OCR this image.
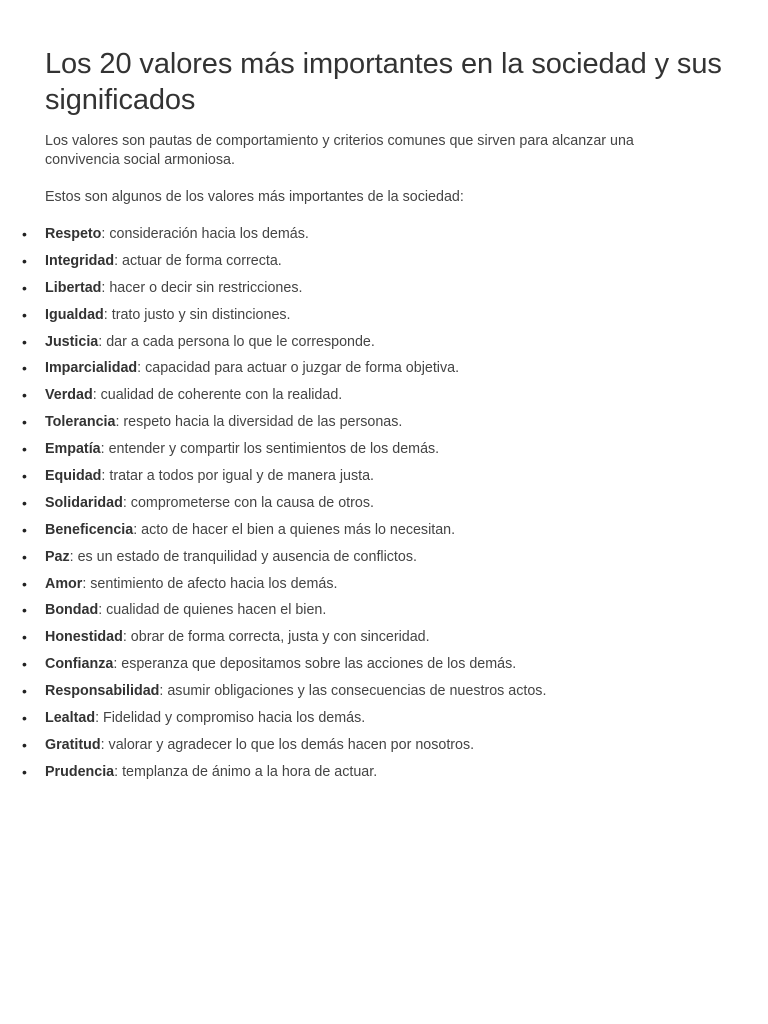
Los 20 valores más importantes en la sociedad y sus significados

Los valores son pautas de comportamiento y criterios comunes que sirven para alcanzar una convivencia social armoniosa.

Estos son algunos de los valores más importantes de la sociedad:

•	Respeto: consideración hacia los demás.
•	Integridad: actuar de forma correcta.
•	Libertad: hacer o decir sin restricciones.
•	Igualdad: trato justo y sin distinciones.
•	Justicia: dar a cada persona lo que le corresponde.
•	Imparcialidad: capacidad para actuar o juzgar de forma objetiva.
•	Verdad: cualidad de coherente con la realidad.
•	Tolerancia: respeto hacia la diversidad de las personas.
•	Empatía: entender y compartir los sentimientos de los demás.
•	Equidad: tratar a todos por igual y de manera justa.
•	Solidaridad: comprometerse con la causa de otros.
•	Beneficencia: acto de hacer el bien a quienes más lo necesitan.
•	Paz: es un estado de tranquilidad y ausencia de conflictos.
•	Amor: sentimiento de afecto hacia los demás.
•	Bondad: cualidad de quienes hacen el bien.
•	Honestidad: obrar de forma correcta, justa y con sinceridad.
•	Confianza: esperanza que depositamos sobre las acciones de los demás.
•	Responsabilidad: asumir obligaciones y las consecuencias de nuestros actos.
•	Lealtad: Fidelidad y compromiso hacia los demás.
•	Gratitud: valorar y agradecer lo que los demás hacen por nosotros.
•	Prudencia: templanza de ánimo a la hora de actuar.
